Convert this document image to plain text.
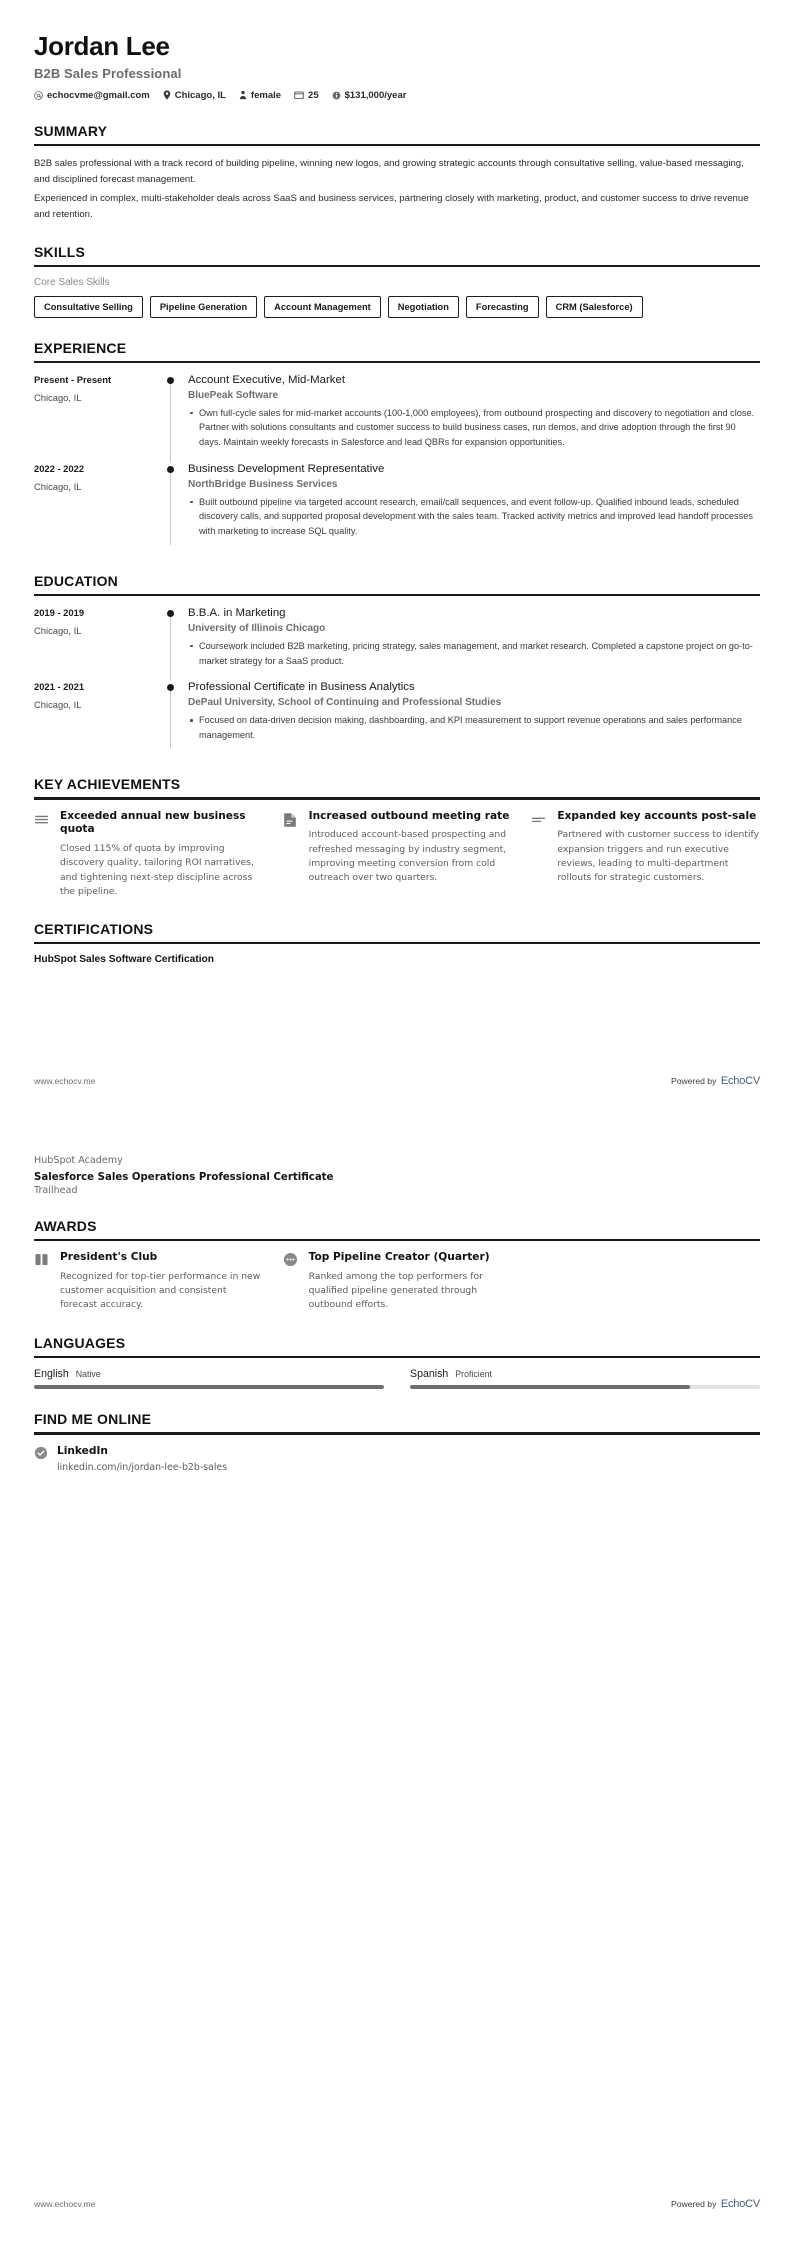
Jordan Lee
B2B Sales Professional
echocvme@gmail.com	Chicago, IL	female	25	$131,000/year
SUMMARY
B2B sales professional with a track record of building pipeline, winning new logos, and growing strategic accounts through consultative selling, value-based messaging, and disciplined forecast management.
Experienced in complex, multi-stakeholder deals across SaaS and business services, partnering closely with marketing, product, and customer success to drive revenue and retention.
SKILLS
Core Sales Skills
Consultative Selling	Pipeline Generation	Account Management	Negotiation	Forecasting	CRM (Salesforce)
EXPERIENCE
Present - Present
Chicago, IL
Account Executive, Mid-Market
BluePeak Software
Own full-cycle sales for mid-market accounts (100-1,000 employees), from outbound prospecting and discovery to negotiation and close. Partner with solutions consultants and customer success to build business cases, run demos, and drive adoption through the first 90 days. Maintain weekly forecasts in Salesforce and lead QBRs for expansion opportunities.
2022 - 2022
Chicago, IL
Business Development Representative
NorthBridge Business Services
Built outbound pipeline via targeted account research, email/call sequences, and event follow-up. Qualified inbound leads, scheduled discovery calls, and supported proposal development with the sales team. Tracked activity metrics and improved lead handoff processes with marketing to increase SQL quality.
EDUCATION
2019 - 2019
Chicago, IL
B.B.A. in Marketing
University of Illinois Chicago
Coursework included B2B marketing, pricing strategy, sales management, and market research. Completed a capstone project on go-to-market strategy for a SaaS product.
2021 - 2021
Chicago, IL
Professional Certificate in Business Analytics
DePaul University, School of Continuing and Professional Studies
Focused on data-driven decision making, dashboarding, and KPI measurement to support revenue operations and sales performance management.
KEY ACHIEVEMENTS
Exceeded annual new business quota
Closed 115% of quota by improving discovery quality, tailoring ROI narratives, and tightening next-step discipline across the pipeline.
Increased outbound meeting rate
Introduced account-based prospecting and refreshed messaging by industry segment, improving meeting conversion from cold outreach over two quarters.
Expanded key accounts post-sale
Partnered with customer success to identify expansion triggers and run executive reviews, leading to multi-department rollouts for strategic customers.
CERTIFICATIONS
HubSpot Sales Software Certification
www.echocv.me	Powered by EchoCV
HubSpot Academy
Salesforce Sales Operations Professional Certificate
Trailhead
AWARDS
President's Club
Recognized for top-tier performance in new customer acquisition and consistent forecast accuracy.
Top Pipeline Creator (Quarter)
Ranked among the top performers for qualified pipeline generated through outbound efforts.
LANGUAGES
English Native	Spanish Proficient
FIND ME ONLINE
LinkedIn
linkedin.com/in/jordan-lee-b2b-sales
www.echocv.me	Powered by EchoCV
